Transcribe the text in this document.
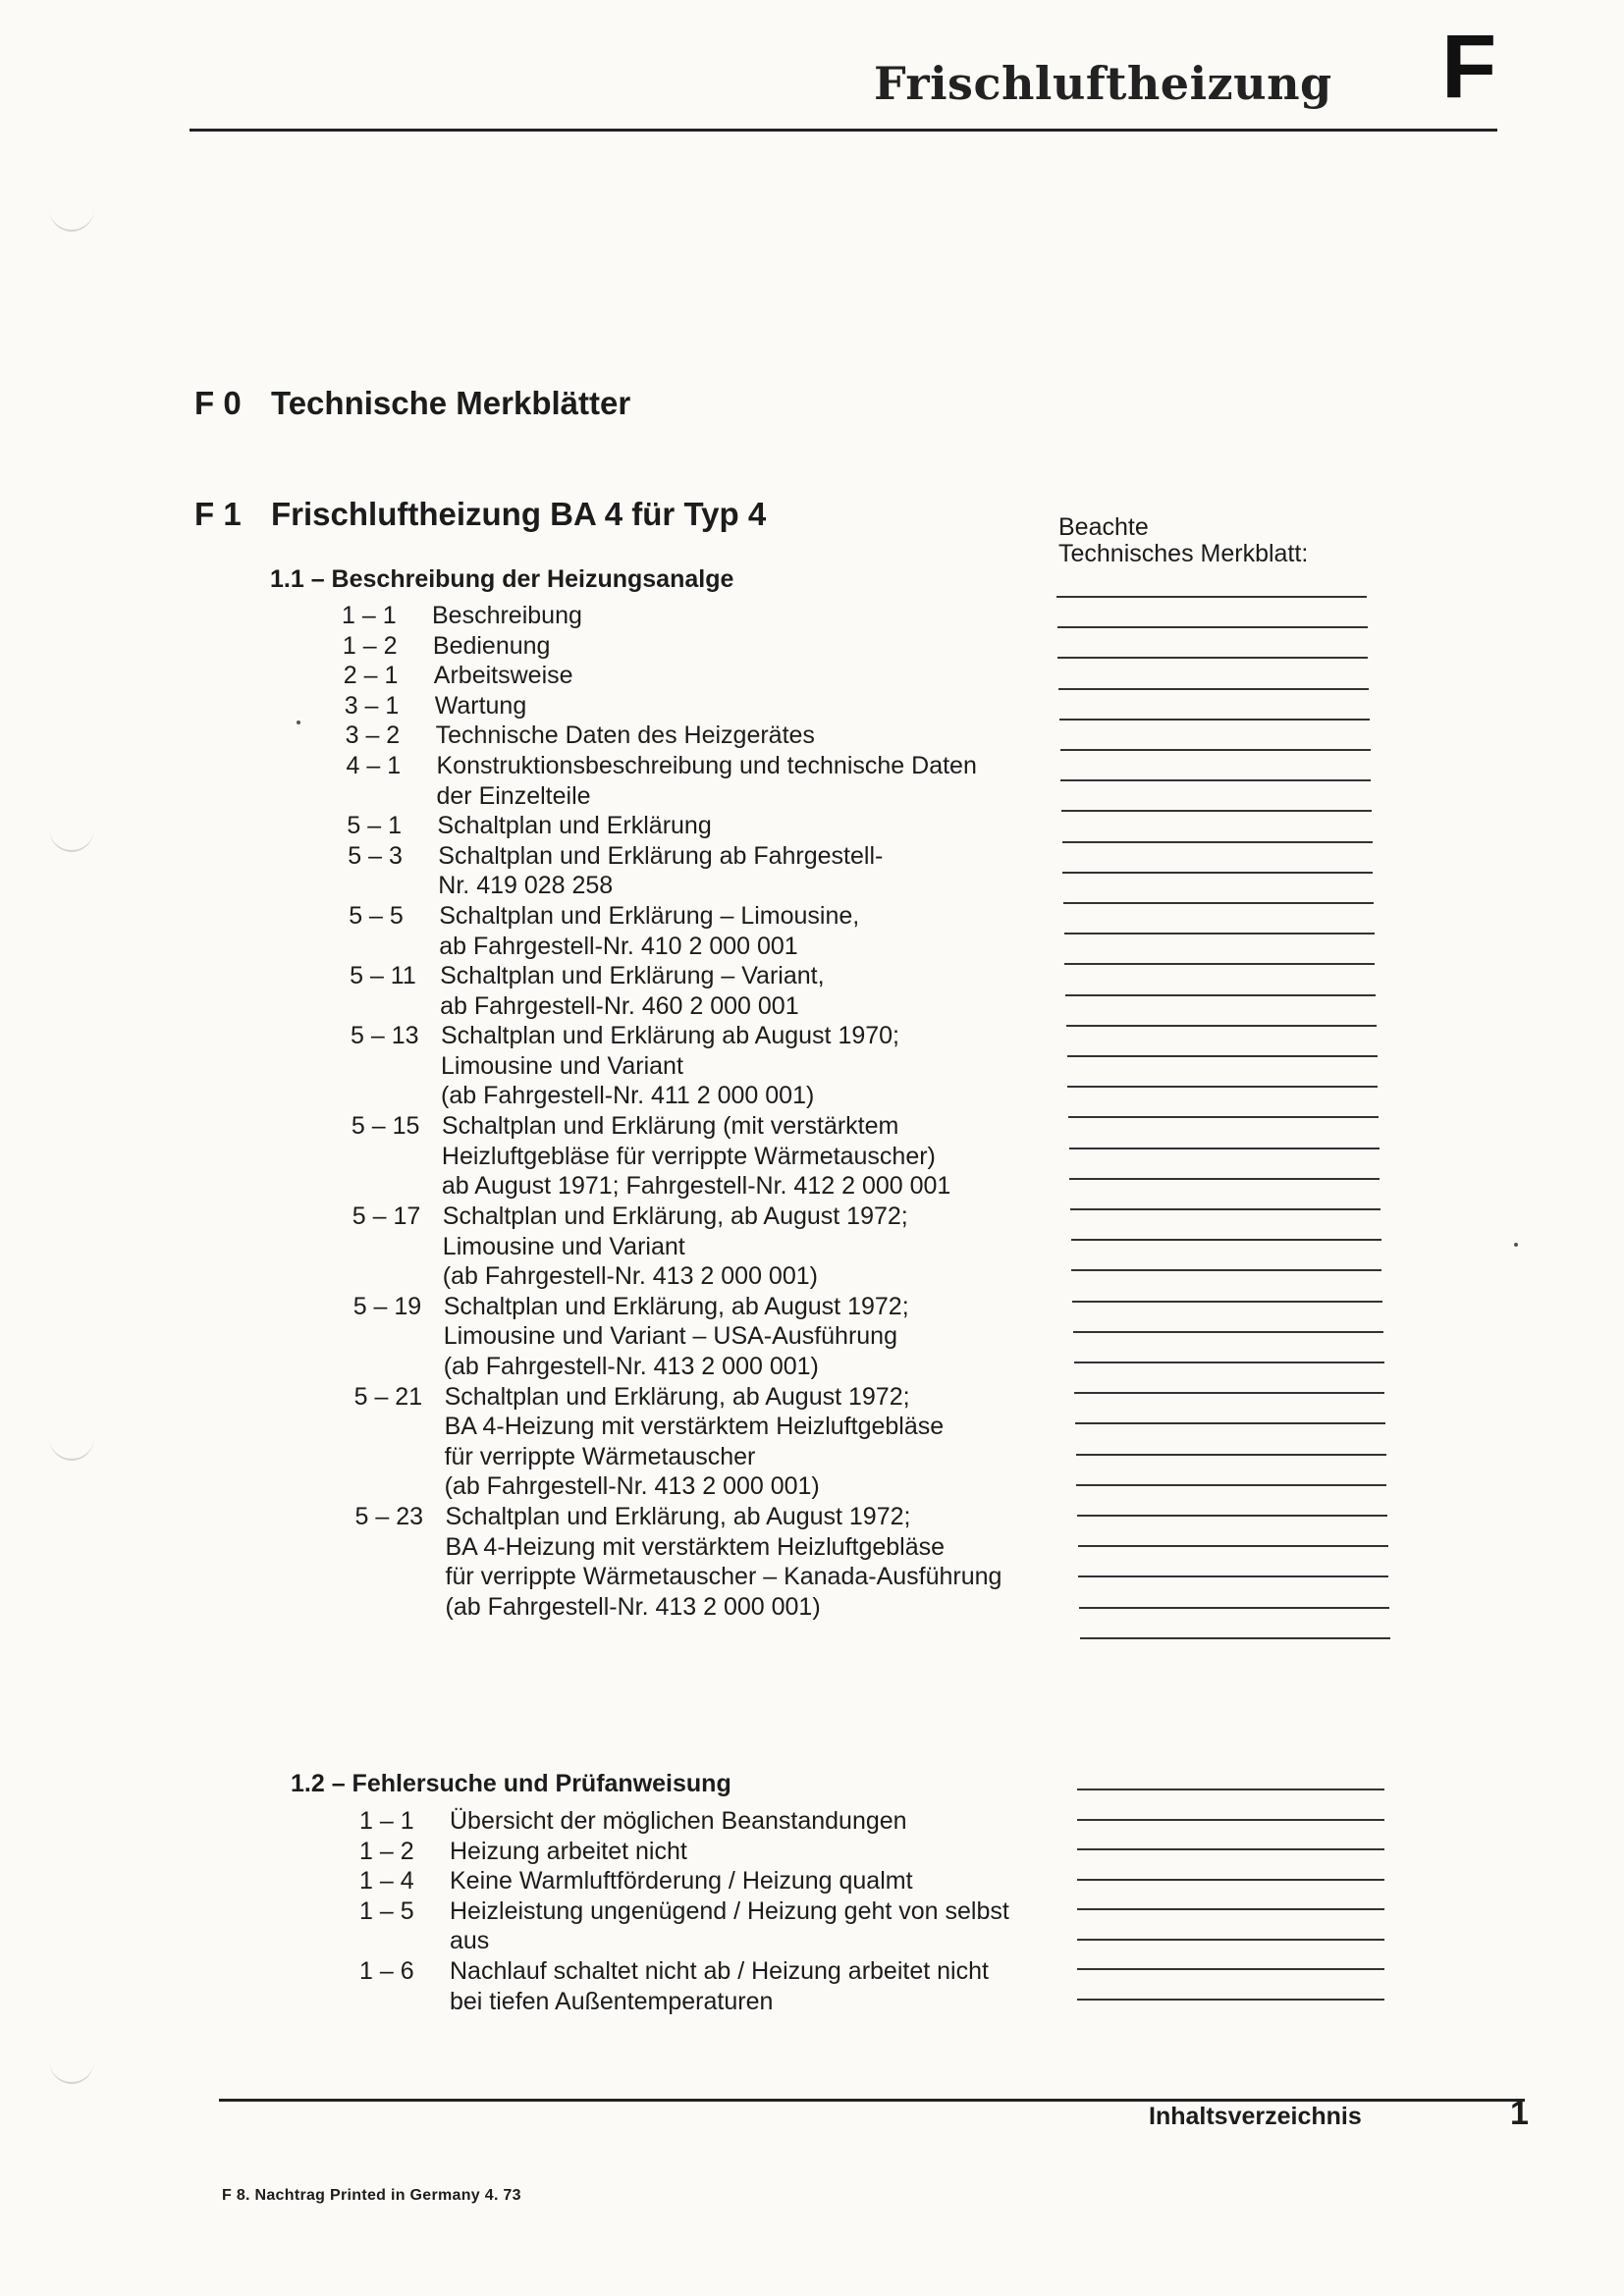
Frischluftheizung F
F 0 Technische Merkblätter
F 1 Frischluftheizung BA 4 für Typ 4	Beachte
Technisches Merkblatt:
1.1 – Beschreibung der Heizungsanalge
1 – 1 Beschreibung
1 – 2 Bedienung
2 – 1 Arbeitsweise
3 – 1 Wartung
3 – 2 Technische Daten des Heizgerätes
4 – 1 Konstruktionsbeschreibung und technische Daten
der Einzelteile
5 – 1 Schaltplan und Erklärung
5 – 3 Schaltplan und Erklärung ab Fahrgestell-
Nr. 419 028 258
5 – 5 Schaltplan und Erklärung – Limousine,
ab Fahrgestell-Nr. 410 2 000 001
5 – 11 Schaltplan und Erklärung – Variant,
ab Fahrgestell-Nr. 460 2 000 001
5 – 13 Schaltplan und Erklärung ab August 1970;
Limousine und Variant
(ab Fahrgestell-Nr. 411 2 000 001)
5 – 15 Schaltplan und Erklärung (mit verstärktem
Heizluftgebläse für verrippte Wärmetauscher)
ab August 1971; Fahrgestell-Nr. 412 2 000 001
5 – 17 Schaltplan und Erklärung, ab August 1972;
Limousine und Variant
(ab Fahrgestell-Nr. 413 2 000 001)
5 – 19 Schaltplan und Erklärung, ab August 1972;
Limousine und Variant – USA-Ausführung
(ab Fahrgestell-Nr. 413 2 000 001)
5 – 21 Schaltplan und Erklärung, ab August 1972;
BA 4-Heizung mit verstärktem Heizluftgebläse
für verrippte Wärmetauscher
(ab Fahrgestell-Nr. 413 2 000 001)
5 – 23 Schaltplan und Erklärung, ab August 1972;
BA 4-Heizung mit verstärktem Heizluftgebläse
für verrippte Wärmetauscher – Kanada-Ausführung
(ab Fahrgestell-Nr. 413 2 000 001)
1.2 – Fehlersuche und Prüfanweisung
1 – 1 Übersicht der möglichen Beanstandungen
1 – 2 Heizung arbeitet nicht
1 – 4 Keine Warmluftförderung / Heizung qualmt
1 – 5 Heizleistung ungenügend / Heizung geht von selbst
aus
1 – 6 Nachlauf schaltet nicht ab / Heizung arbeitet nicht
bei tiefen Außentemperaturen
Inhaltsverzeichnis	1
F 8. Nachtrag Printed in Germany 4. 73
